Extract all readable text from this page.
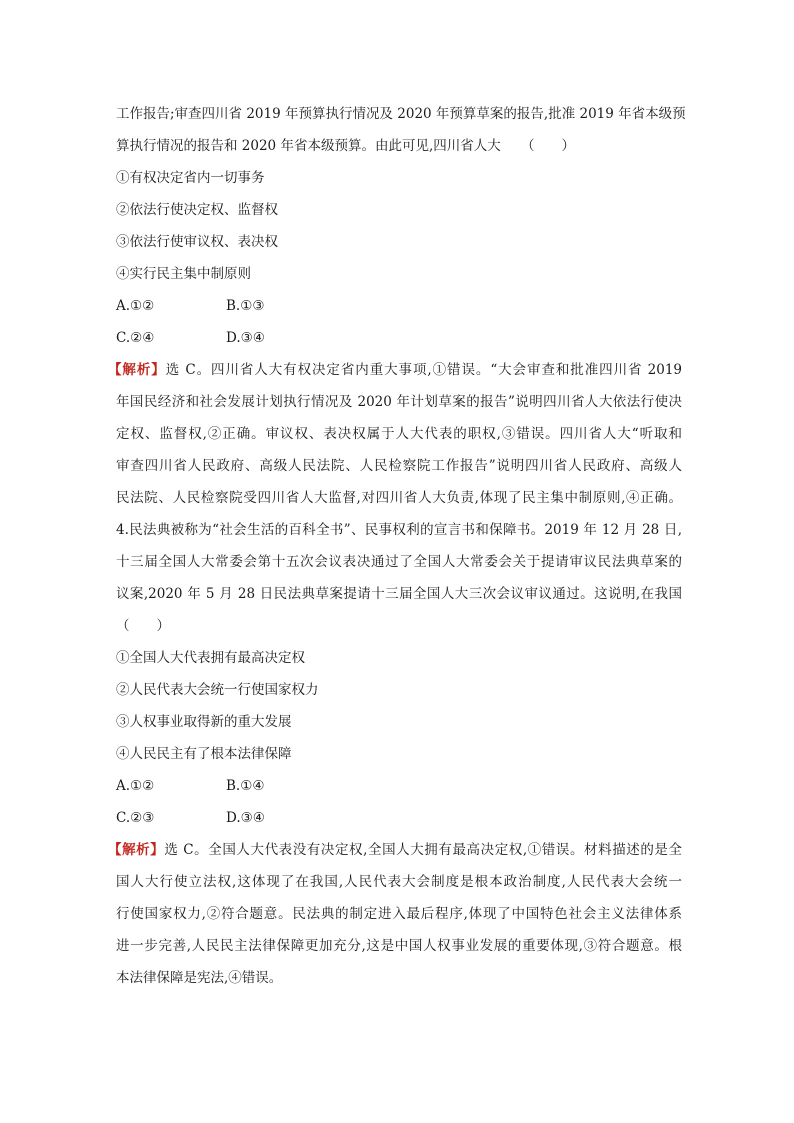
工作报告;审查四川省 2019 年预算执行情况及 2020 年预算草案的报告,批准 2019 年省本级预
算执行情况的报告和 2020 年省本级预算。由此可见,四川省人大　　（　　）
①有权决定省内一切事务
②依法行使决定权、监督权
③依法行使审议权、表决权
④实行民主集中制原则
A.①②	B.①③
C.②④	D.③④
【解析】选 C。四川省人大有权决定省内重大事项,①错误。“大会审查和批准四川省 2019
年国民经济和社会发展计划执行情况及 2020 年计划草案的报告”说明四川省人大依法行使决
定权、监督权,②正确。审议权、表决权属于人大代表的职权,③错误。四川省人大“听取和
审查四川省人民政府、高级人民法院、人民检察院工作报告”说明四川省人民政府、高级人
民法院、人民检察院受四川省人大监督,对四川省人大负责,体现了民主集中制原则,④正确。
4.民法典被称为“社会生活的百科全书”、民事权利的宣言书和保障书。2019 年 12 月 28 日,
十三届全国人大常委会第十五次会议表决通过了全国人大常委会关于提请审议民法典草案的
议案,2020 年 5 月 28 日民法典草案提请十三届全国人大三次会议审议通过。这说明,在我国
（　　）
①全国人大代表拥有最高决定权
②人民代表大会统一行使国家权力
③人权事业取得新的重大发展
④人民民主有了根本法律保障
A.①②	B.①④
C.②③	D.③④
【解析】选 C。全国人大代表没有决定权,全国人大拥有最高决定权,①错误。材料描述的是全
国人大行使立法权,这体现了在我国,人民代表大会制度是根本政治制度,人民代表大会统一
行使国家权力,②符合题意。民法典的制定进入最后程序,体现了中国特色社会主义法律体系
进一步完善,人民民主法律保障更加充分,这是中国人权事业发展的重要体现,③符合题意。根
本法律保障是宪法,④错误。
